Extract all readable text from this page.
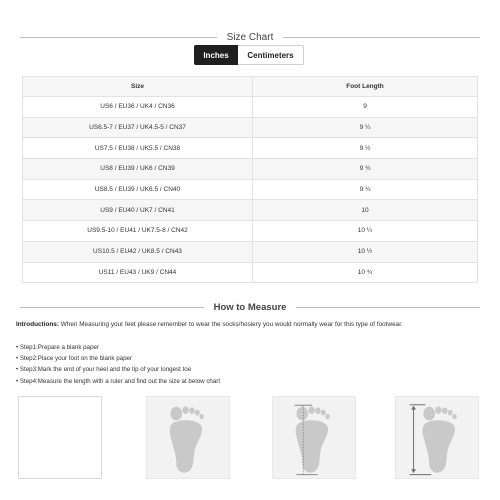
Size Chart
Inches	Centimeters
Size	Foot Length
US6 / EU36 / UK4 / CN36	9
US6.5-7 / EU37 / UK4.5-5 / CN37	9 ¼
US7.5 / EU38 / UK5.5 / CN38	9 ½
US8 / EU39 / UK6 / CN39	9 ¾
US8.5 / EU39 / UK6.5 / CN40	9 ¾
US9 / EU40 / UK7 / CN41	10
US9.5-10 / EU41 / UK7.5-8 / CN42	10 ¼
US10.5 / EU42 / UK8.5 / CN43	10 ½
US11 / EU43 / UK9 / CN44	10 ¾
How to Measure
Introductions: When Measuring your feet please remember to wear the socks/hosiery you would normally wear for this type of footwear.
• Step1:Prepare a blank paper
• Step2:Place your foot on the blank paper
• Step3:Mark the end of your heel and the tip of your longest toe
• Step4:Measure the length with a ruler and find out the size at below chart
